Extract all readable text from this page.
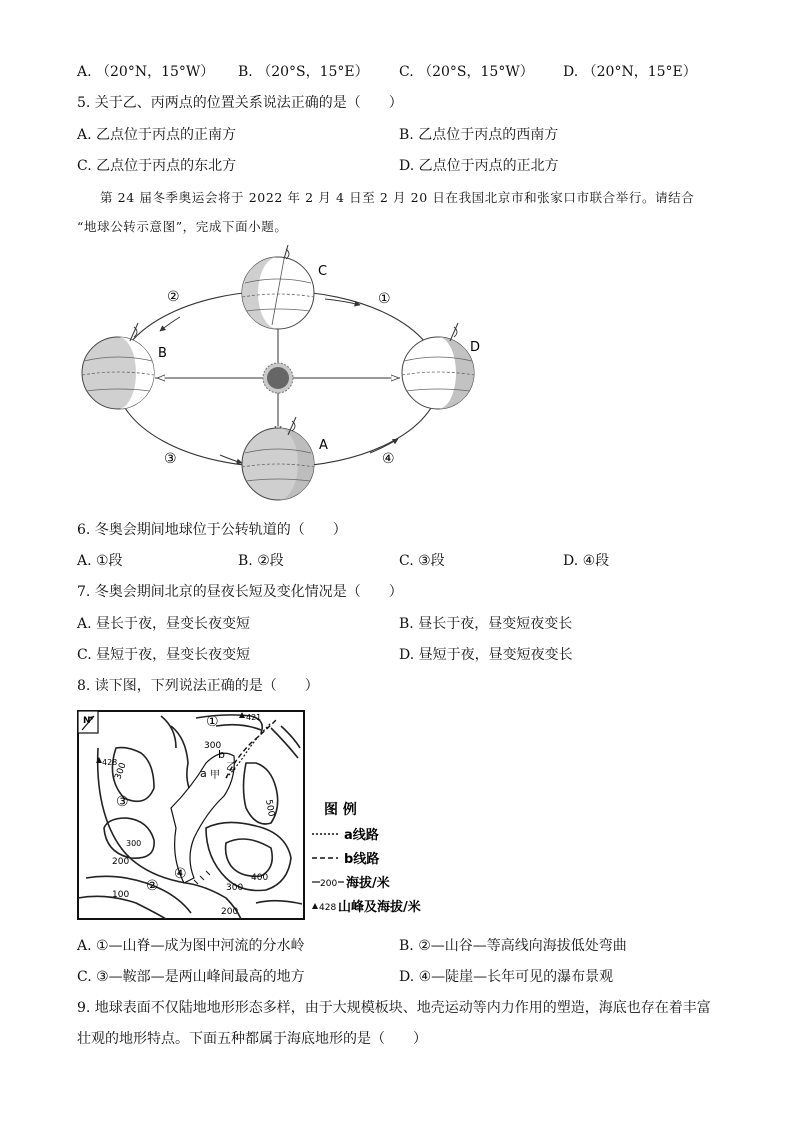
A. （20°N，15°W） B. （20°S，15°E） C. （20°S，15°W） D. （20°N，15°E）
5. 关于乙、丙两点的位置关系说法正确的是（　　）
A. 乙点位于丙点的正南方	B. 乙点位于丙点的西南方
C. 乙点位于丙点的东北方	D. 乙点位于丙点的正北方
第 24 届冬季奥运会将于 2022 年 2 月 4 日至 2 月 20 日在我国北京市和张家口市联合举行。请结合
“地球公转示意图”，完成下面小题。
C
B	D
A
①
②
③	④
6. 冬奥会期间地球位于公转轨道的（　　）
A. ①段	B. ②段	C. ③段	D. ④段
7. 冬奥会期间北京的昼夜长短及变化情况是（　　）
A. 昼长于夜，昼变长夜变短	B. 昼长于夜，昼变短夜变长
C. 昼短于夜，昼变长夜变短	D. 昼短于夜，昼变短夜变长
8. 读下图，下列说法正确的是（　　）
N
428
421
300
300
300
300
500
400
200
200
100
a 甲
b
乙
①
②
③
④
图 例
a线路
b线路
200 海拔/米
428 山峰及海拔/米
A. ①—山脊—成为图中河流的分水岭	B. ②—山谷—等高线向海拔低处弯曲
C. ③—鞍部—是两山峰间最高的地方	D. ④—陡崖—长年可见的瀑布景观
9. 地球表面不仅陆地地形形态多样，由于大规模板块、地壳运动等内力作用的塑造，海底也存在着丰富
壮观的地形特点。下面五种都属于海底地形的是（　　）
